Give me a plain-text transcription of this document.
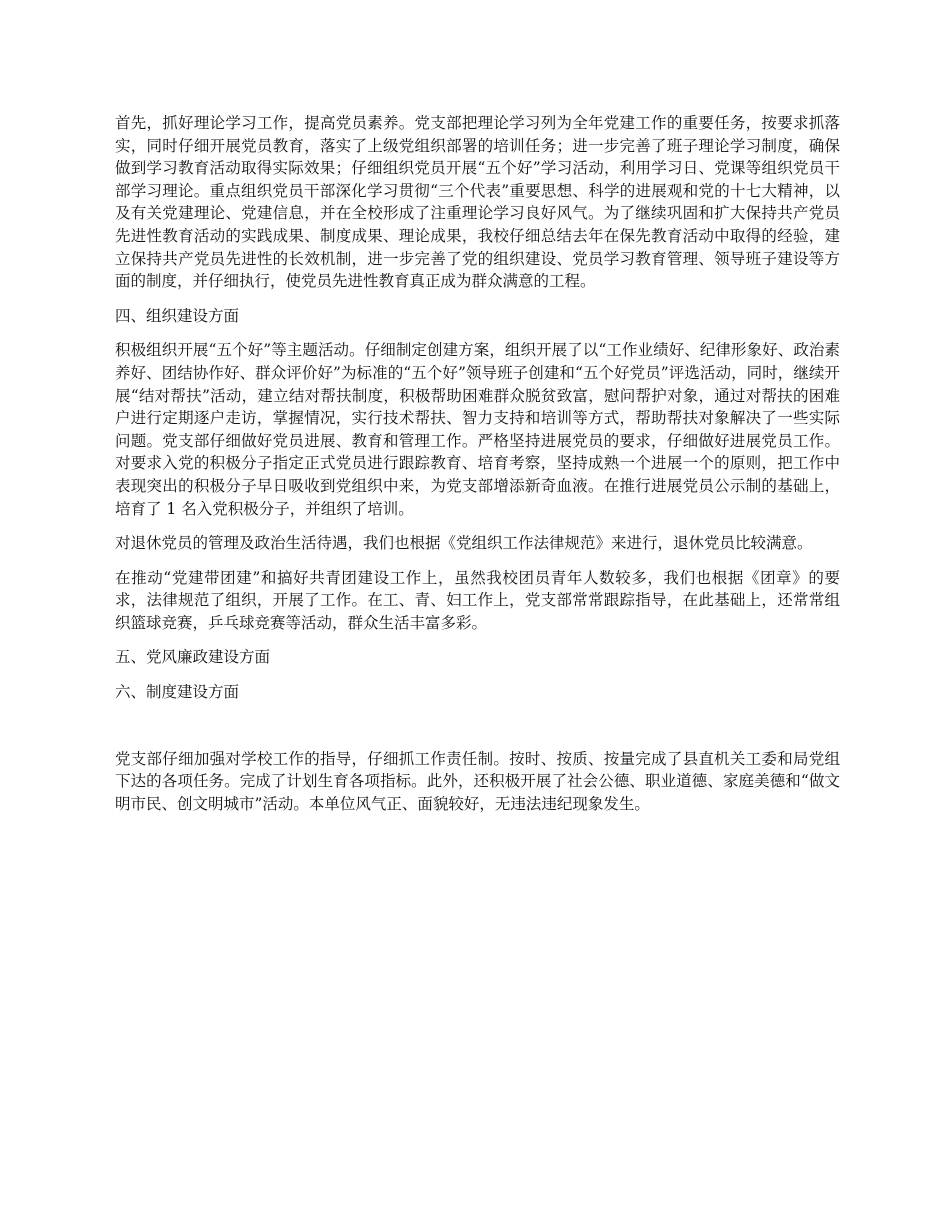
首先，抓好理论学习工作，提高党员素养。党支部把理论学习列为全年党建工作的重要任务，按要求抓落实，同时仔细开展党员教育，落实了上级党组织部署的培训任务；进一步完善了班子理论学习制度，确保做到学习教育活动取得实际效果；仔细组织党员开展“五个好”学习活动，利用学习日、党课等组织党员干部学习理论。重点组织党员干部深化学习贯彻“三个代表”重要思想、科学的进展观和党的十七大精神，以及有关党建理论、党建信息，并在全校形成了注重理论学习良好风气。为了继续巩固和扩大保持共产党员先进性教育活动的实践成果、制度成果、理论成果，我校仔细总结去年在保先教育活动中取得的经验，建立保持共产党员先进性的长效机制，进一步完善了党的组织建设、党员学习教育管理、领导班子建设等方面的制度，并仔细执行，使党员先进性教育真正成为群众满意的工程。

四、组织建设方面

积极组织开展“五个好”等主题活动。仔细制定创建方案，组织开展了以“工作业绩好、纪律形象好、政治素养好、团结协作好、群众评价好”为标准的“五个好”领导班子创建和“五个好党员”评选活动，同时，继续开展“结对帮扶”活动，建立结对帮扶制度，积极帮助困难群众脱贫致富，慰问帮护对象，通过对帮扶的困难户进行定期逐户走访，掌握情况，实行技术帮扶、智力支持和培训等方式，帮助帮扶对象解决了一些实际问题。党支部仔细做好党员进展、教育和管理工作。严格坚持进展党员的要求，仔细做好进展党员工作。对要求入党的积极分子指定正式党员进行跟踪教育、培育考察，坚持成熟一个进展一个的原则，把工作中表现突出的积极分子早日吸收到党组织中来，为党支部增添新奇血液。在推行进展党员公示制的基础上，培育了 1 名入党积极分子，并组织了培训。

对退休党员的管理及政治生活待遇，我们也根据《党组织工作法律规范》来进行，退休党员比较满意。

在推动“党建带团建”和搞好共青团建设工作上，虽然我校团员青年人数较多，我们也根据《团章》的要求，法律规范了组织，开展了工作。在工、青、妇工作上，党支部常常跟踪指导，在此基础上，还常常组织篮球竞赛，乒乓球竞赛等活动，群众生活丰富多彩。

五、党风廉政建设方面

六、制度建设方面

党支部仔细加强对学校工作的指导，仔细抓工作责任制。按时、按质、按量完成了县直机关工委和局党组下达的各项任务。完成了计划生育各项指标。此外，还积极开展了社会公德、职业道德、家庭美德和“做文明市民、创文明城市”活动。本单位风气正、面貌较好，无违法违纪现象发生。
